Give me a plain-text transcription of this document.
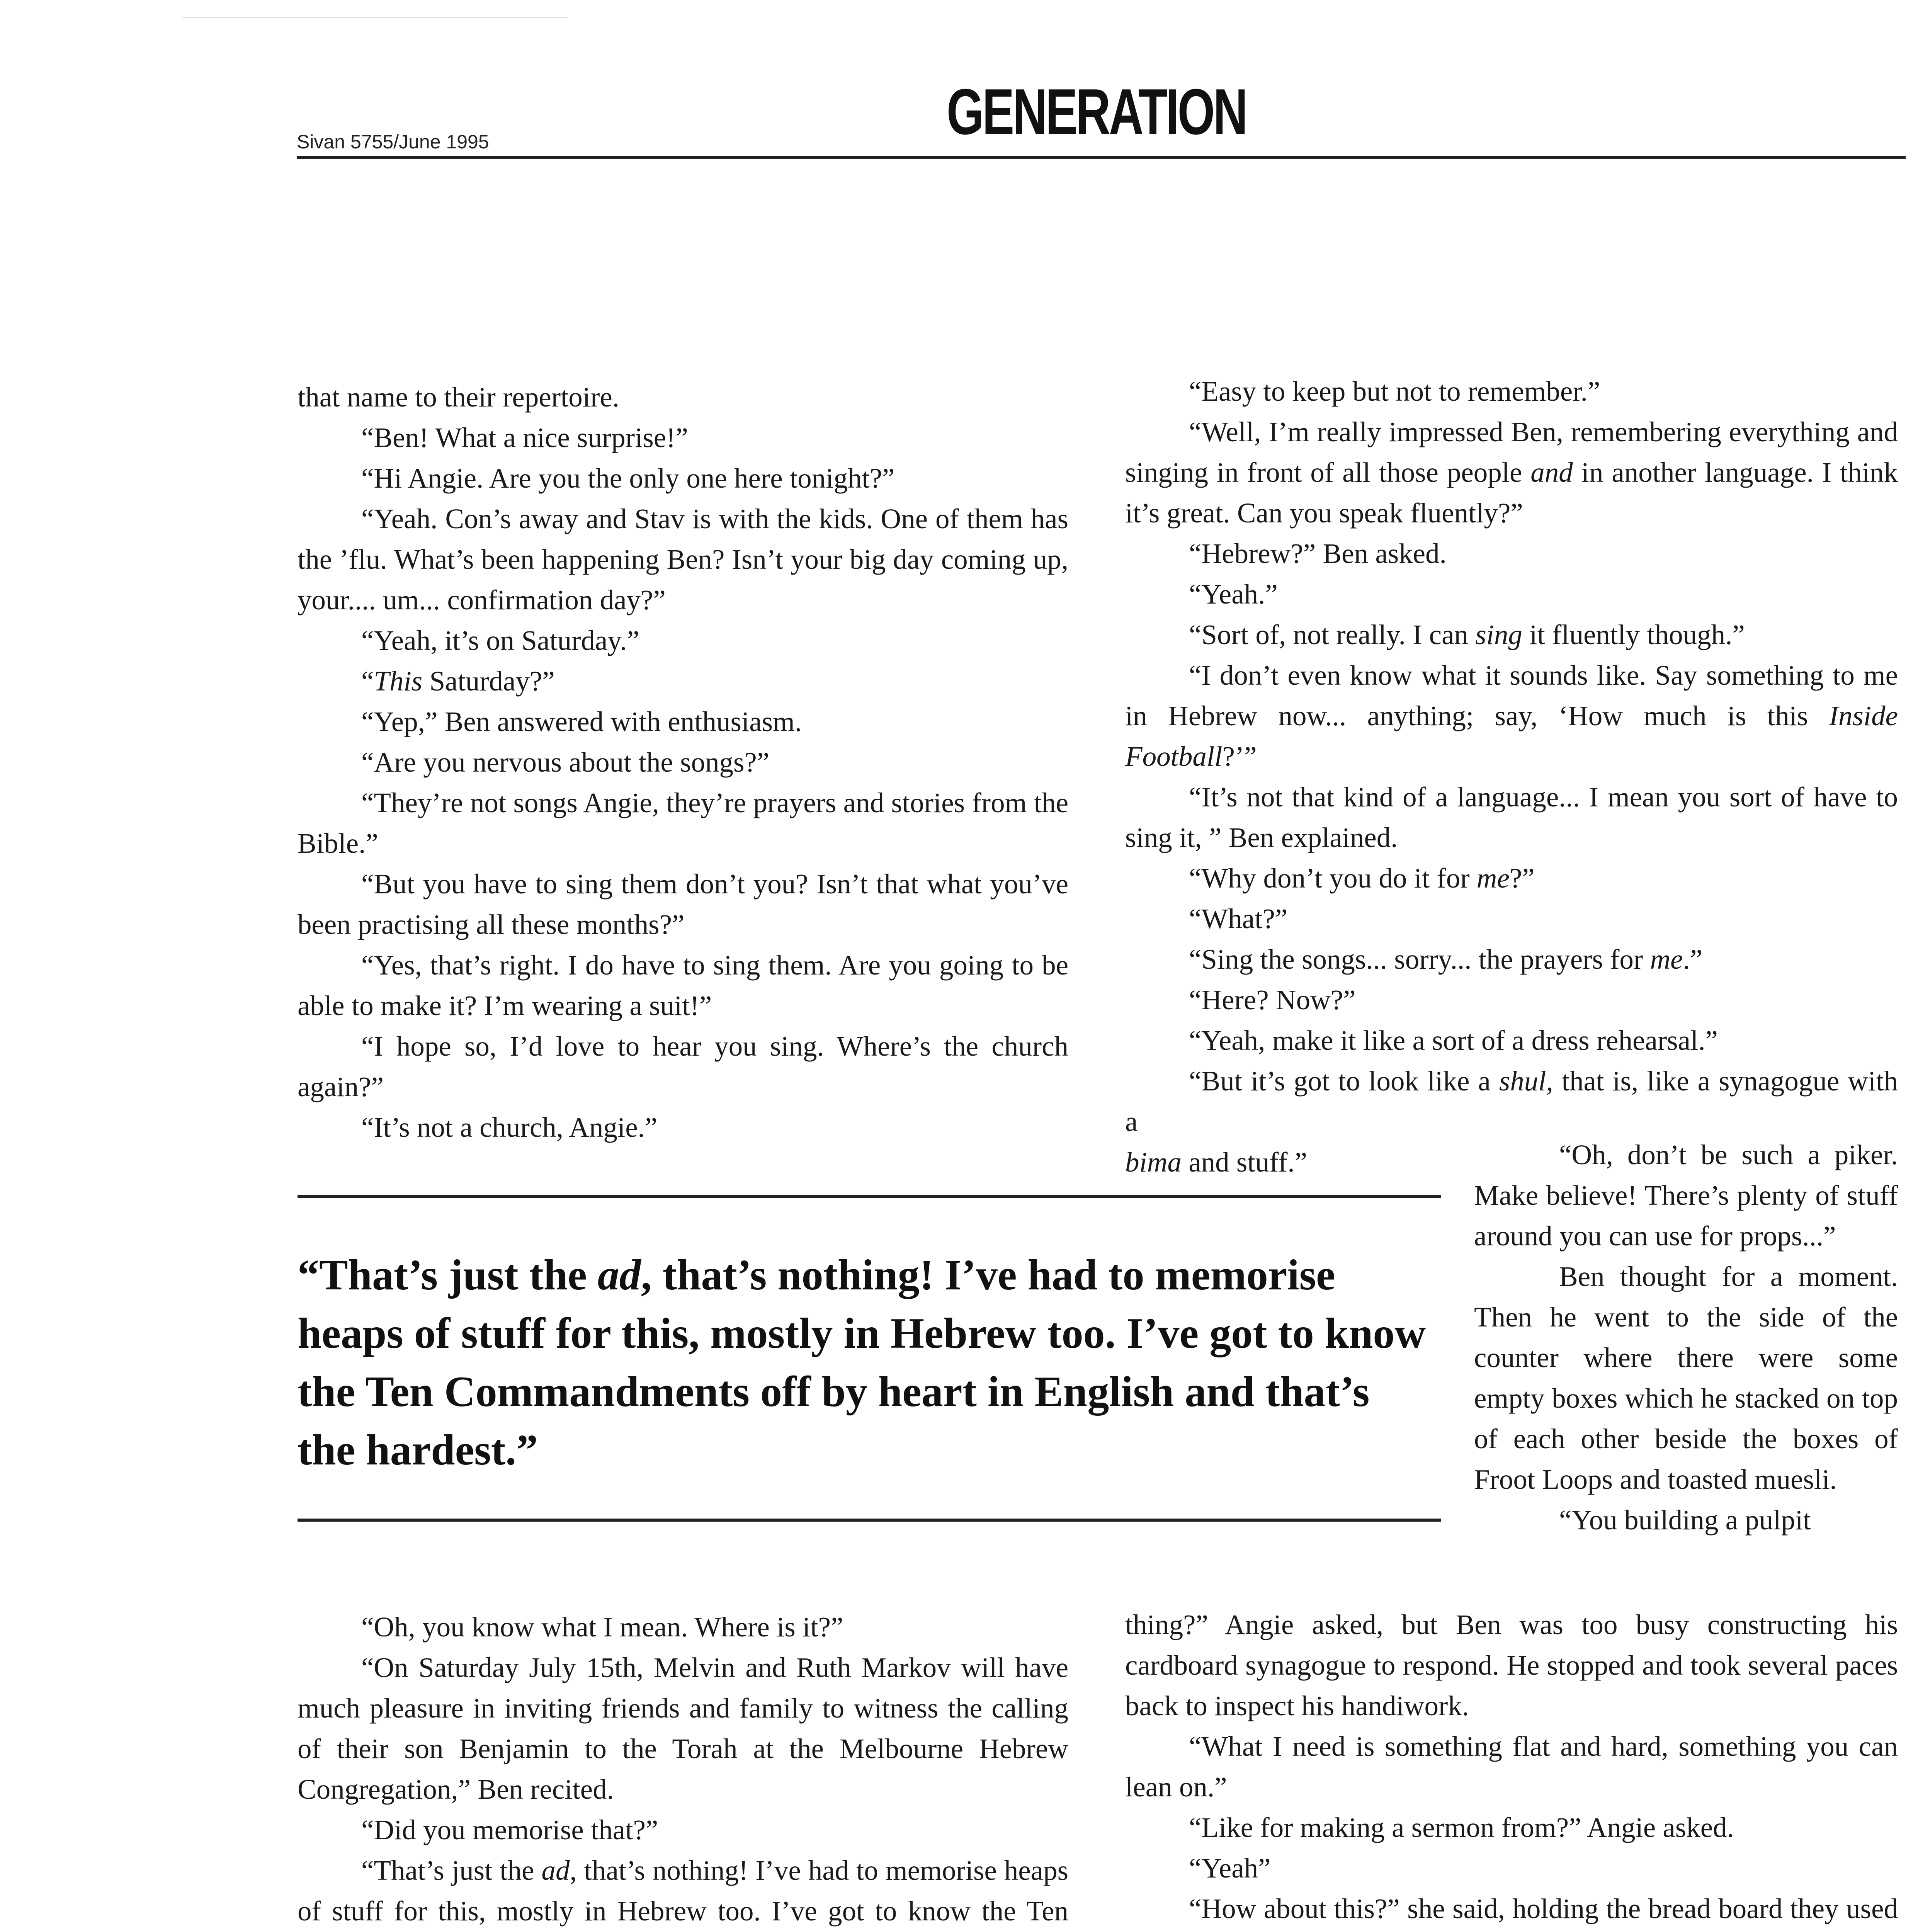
Sivan 5755/June 1995	GENERATION

that name to their repertoire.

“Ben! What a nice surprise!”

“Hi Angie. Are you the only one here tonight?”

“Yeah. Con’s away and Stav is with the kids. One of them has the ’flu. What’s been happening Ben? Isn’t your big day coming up, your.... um... confirmation day?”

“Yeah, it’s on Saturday.”

“This Saturday?”

“Yep,” Ben answered with enthusiasm.

“Are you nervous about the songs?”

“They’re not songs Angie, they’re prayers and stories from the Bible.”

“But you have to sing them don’t you? Isn’t that what you’ve been practising all these months?”

“Yes, that’s right. I do have to sing them. Are you going to be able to make it? I’m wearing a suit!”

“I hope so, I’d love to hear you sing. Where’s the church again?”

“It’s not a church, Angie.”

“Easy to keep but not to remember.”

“Well, I’m really impressed Ben, remembering everything and singing in front of all those people and in another language. I think it’s great. Can you speak fluently?”

“Hebrew?” Ben asked.

“Yeah.”

“Sort of, not really. I can sing it fluently though.”

“I don’t even know what it sounds like. Say something to me in Hebrew now... anything; say, ‘How much is this Inside Football?’”

“It’s not that kind of a language... I mean you sort of have to sing it, ” Ben explained.

“Why don’t you do it for me?”

“What?”

“Sing the songs... sorry... the prayers for me.”

“Here? Now?”

“Yeah, make it like a sort of a dress rehearsal.”

“But it’s got to look like a shul, that is, like a synagogue with a

bima and stuff.”

“That’s just the ad, that’s nothing! I’ve had to memorise heaps of stuff for this, mostly in Hebrew too. I’ve got to know the Ten Commandments off by heart in English and that’s the hardest.”

“Oh, don’t be such a piker. Make believe! There’s plenty of stuff around you can use for props...”

Ben thought for a moment. Then he went to the side of the counter where there were some empty boxes which he stacked on top of each other beside the boxes of Froot Loops and toasted muesli.

“You building a pulpit

“Oh, you know what I mean. Where is it?”

“On Saturday July 15th, Melvin and Ruth Markov will have much pleasure in inviting friends and family to witness the calling of their son Benjamin to the Torah at the Melbourne Hebrew Congregation,” Ben recited.

“Did you memorise that?”

“That’s just the ad, that’s nothing! I’ve had to memorise heaps of stuff for this, mostly in Hebrew too. I’ve got to know the Ten

thing?” Angie asked, but Ben was too busy constructing his cardboard synagogue to respond. He stopped and took several paces back to inspect his handiwork.

“What I need is something flat and hard, something you can lean on.”

“Like for making a sermon from?” Angie asked.

“Yeah”

“How about this?” she said, holding the bread board they used
